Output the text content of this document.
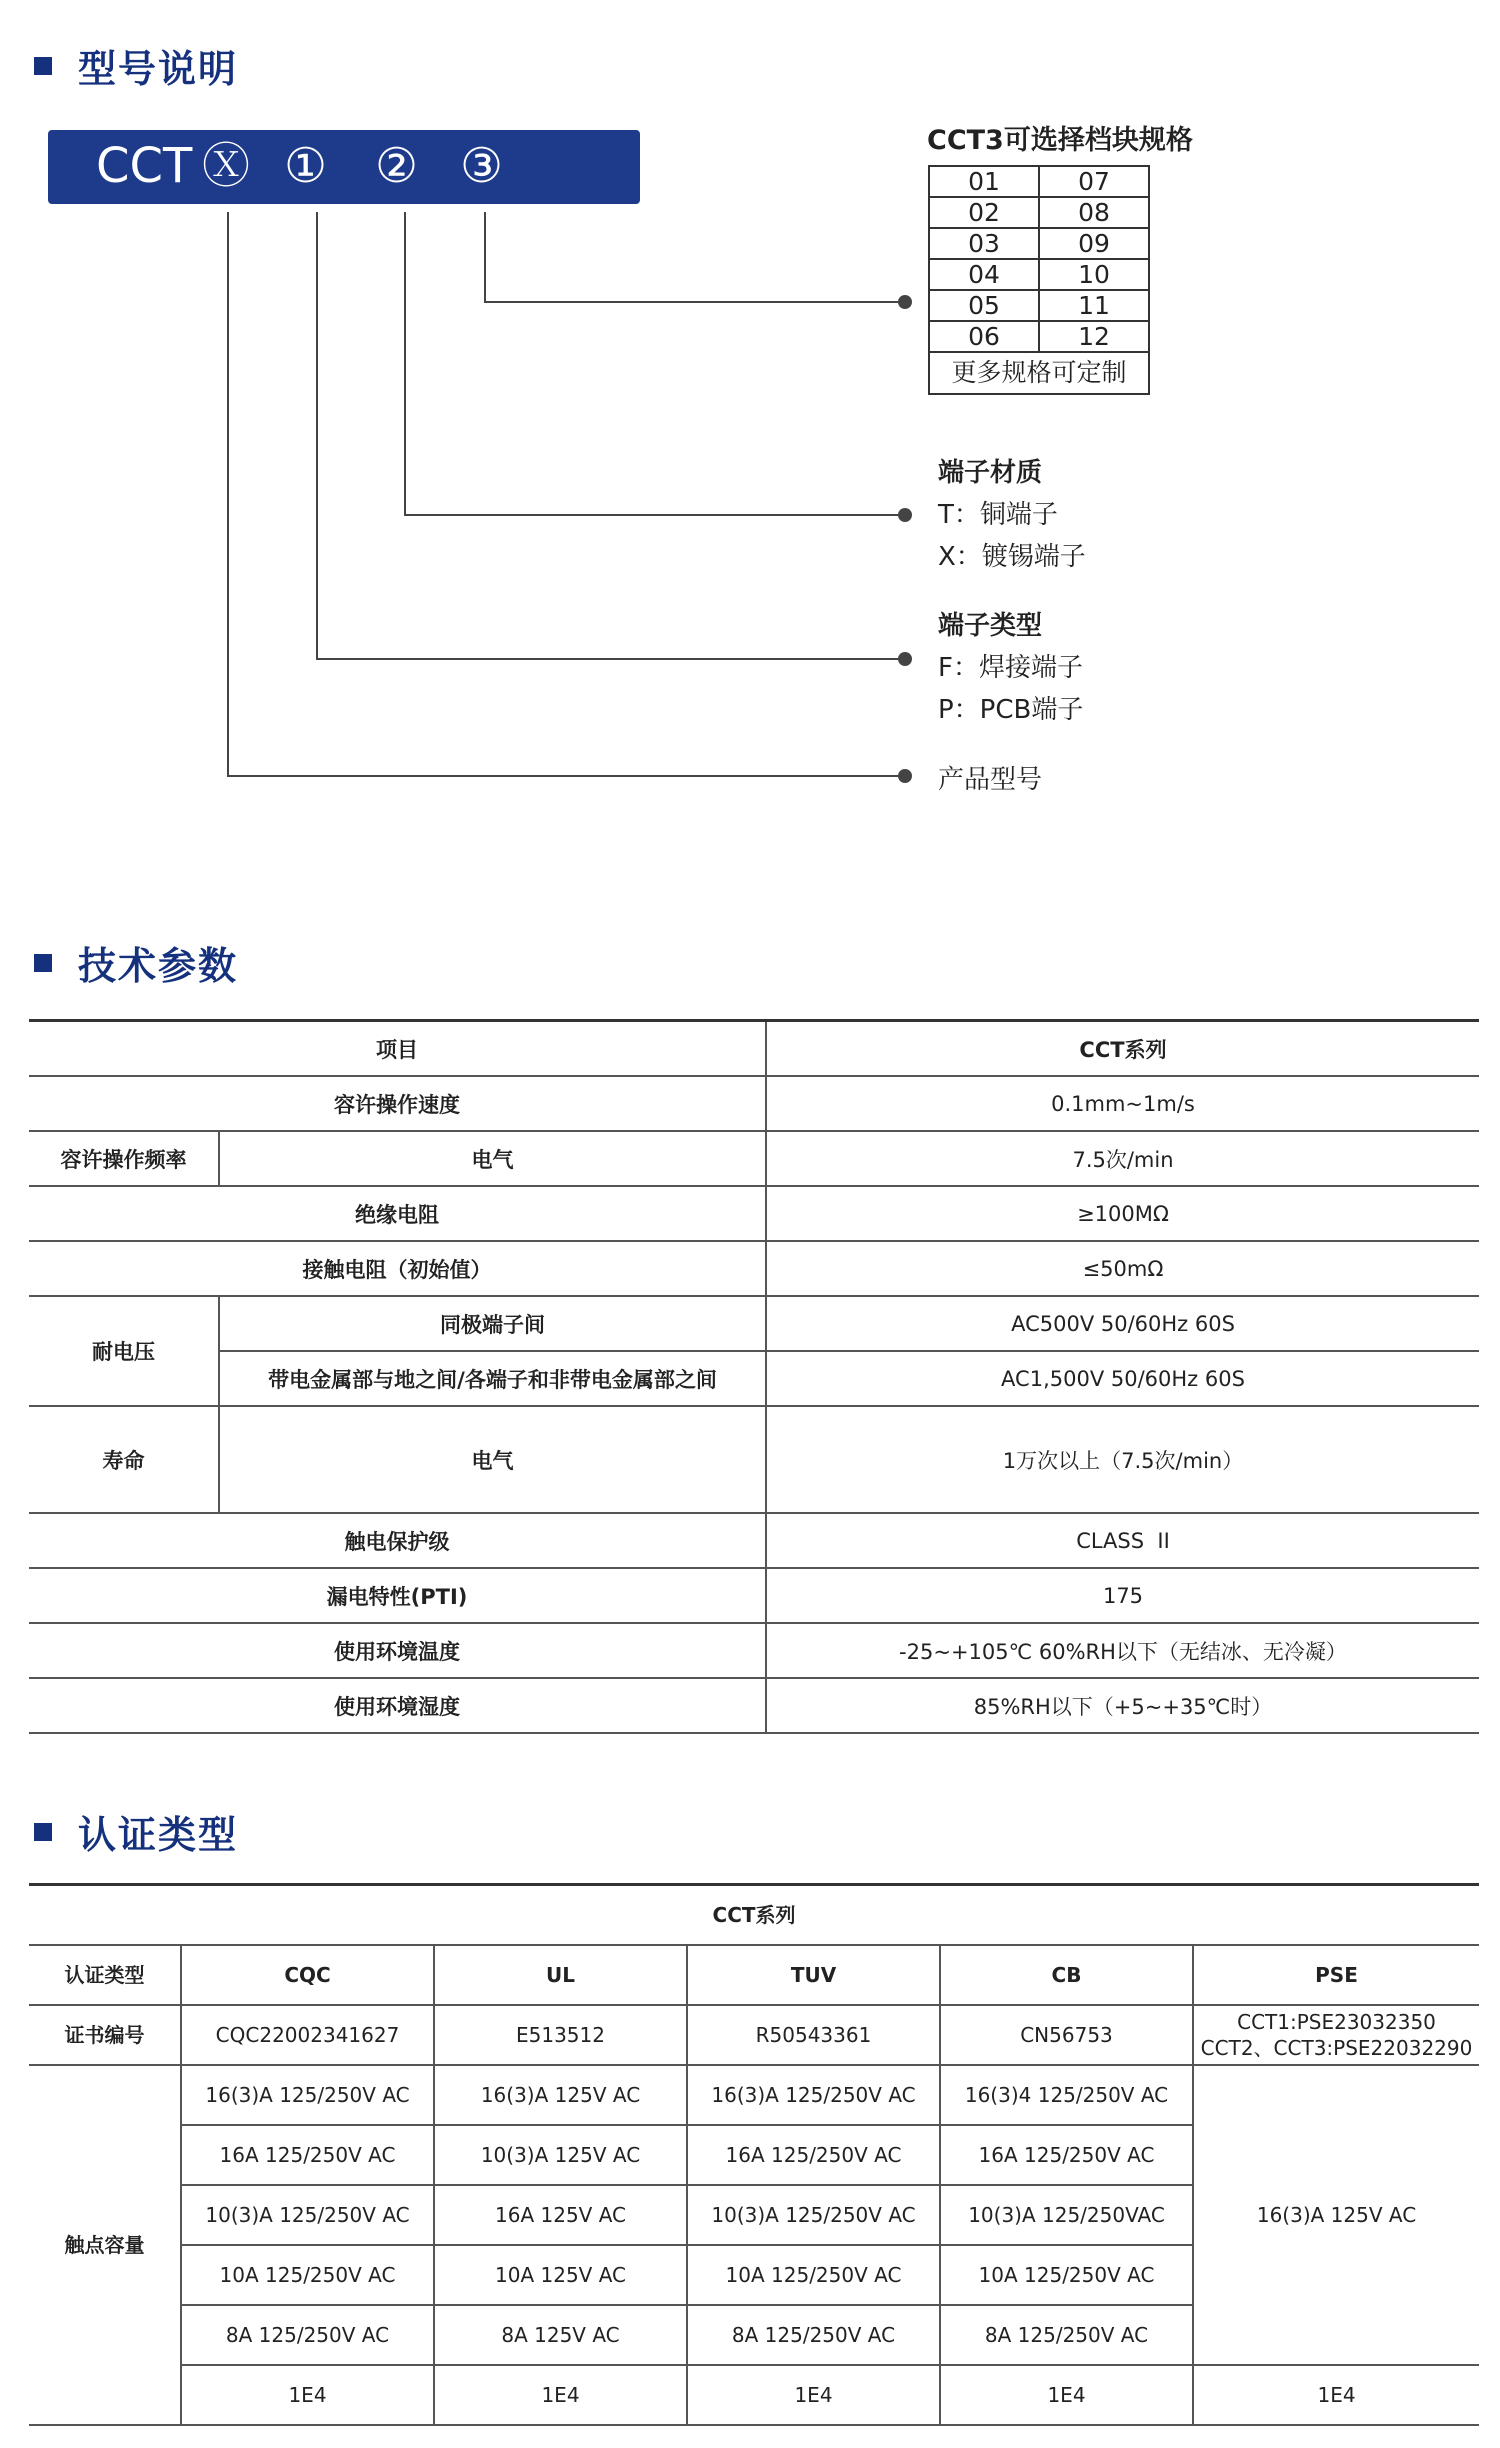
型号说明
CCT Ⓧ ① ② ③	CCT3可选择档块规格
01	07
02	08
03	09
04	10
05	11
06	12
更多规格可定制	
端子材质
T：铜端子
X：镀锡端子
端子类型
F：焊接端子
P：PCB端子
产品型号
技术参数
项目		CCT系列
容许操作速度		0.1mm~1m/s
容许操作频率	电气	7.5次/min
绝缘电阻		≥100MΩ
接触电阻（初始值）		≤50mΩ
耐电压	同极端子间	AC500V 50/60Hz 60S
	带电金属部与地之间/各端子和非带电金属部之间	AC1,500V 50/60Hz 60S
寿命	电气	1万次以上（7.5次/min）
触电保护级		CLASS  II
漏电特性(PTI)		175
使用环境温度		-25~+105℃ 60%RH以下（无结冰、无冷凝）
使用环境湿度		85%RH以下（+5~+35℃时）
认证类型
CCT系列					
认证类型	CQC	UL	TUV	CB	PSE
证书编号	CQC22002341627	E513512	R50543361	CN56753	CCT1:PSE23032350
CCT2、CCT3:PSE22032290

触点容量	16(3)A 125/250V AC	16(3)A 125V AC	16(3)A 125/250V AC	16(3)4 125/250V AC	16(3)A 125V AC
	16A 125/250V AC	10(3)A 125V AC	16A 125/250V AC	16A 125/250V AC	
	10(3)A 125/250V AC	16A 125V AC	10(3)A 125/250V AC	10(3)A 125/250VAC	
	10A 125/250V AC	10A 125V AC	10A 125/250V AC	10A 125/250V AC	
	8A 125/250V AC	8A 125V AC	8A 125/250V AC	8A 125/250V AC	
	1E4	1E4	1E4	1E4	1E4
